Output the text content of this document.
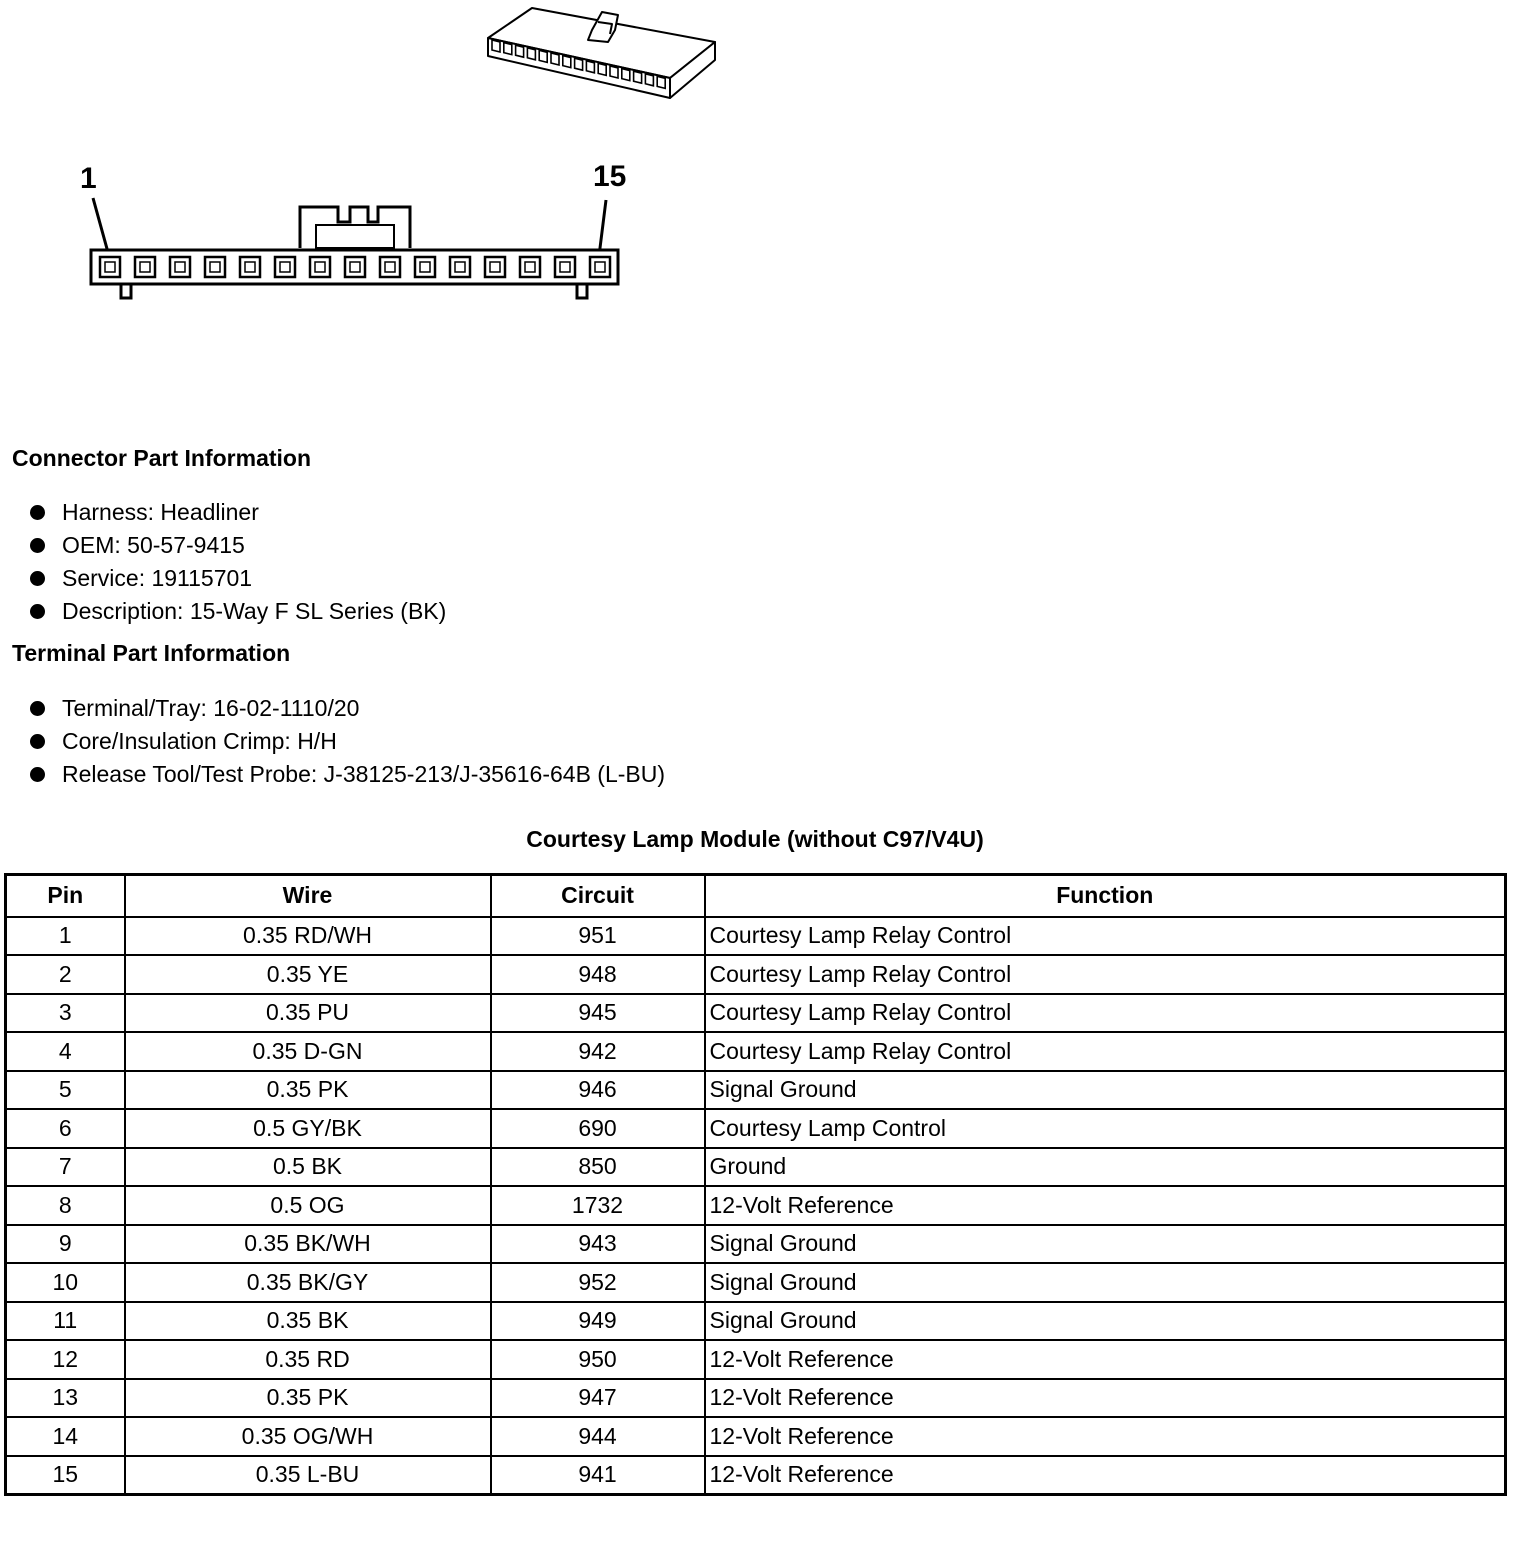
1	15
Connector Part Information
Harness: Headliner
OEM: 50-57-9415
Service: 19115701
Description: 15-Way F SL Series (BK)
Terminal Part Information
Terminal/Tray: 16-02-1110/20
Core/Insulation Crimp: H/H
Release Tool/Test Probe: J-38125-213/J-35616-64B (L-BU)
Courtesy Lamp Module (without C97/V4U)
Pin	Wire	Circuit	Function
1	0.35 RD/WH	951	Courtesy Lamp Relay Control
2	0.35 YE	948	Courtesy Lamp Relay Control
3	0.35 PU	945	Courtesy Lamp Relay Control
4	0.35 D-GN	942	Courtesy Lamp Relay Control
5	0.35 PK	946	Signal Ground
6	0.5 GY/BK	690	Courtesy Lamp Control
7	0.5 BK	850	Ground
8	0.5 OG	1732	12-Volt Reference
9	0.35 BK/WH	943	Signal Ground
10	0.35 BK/GY	952	Signal Ground
11	0.35 BK	949	Signal Ground
12	0.35 RD	950	12-Volt Reference
13	0.35 PK	947	12-Volt Reference
14	0.35 OG/WH	944	12-Volt Reference
15	0.35 L-BU	941	12-Volt Reference
